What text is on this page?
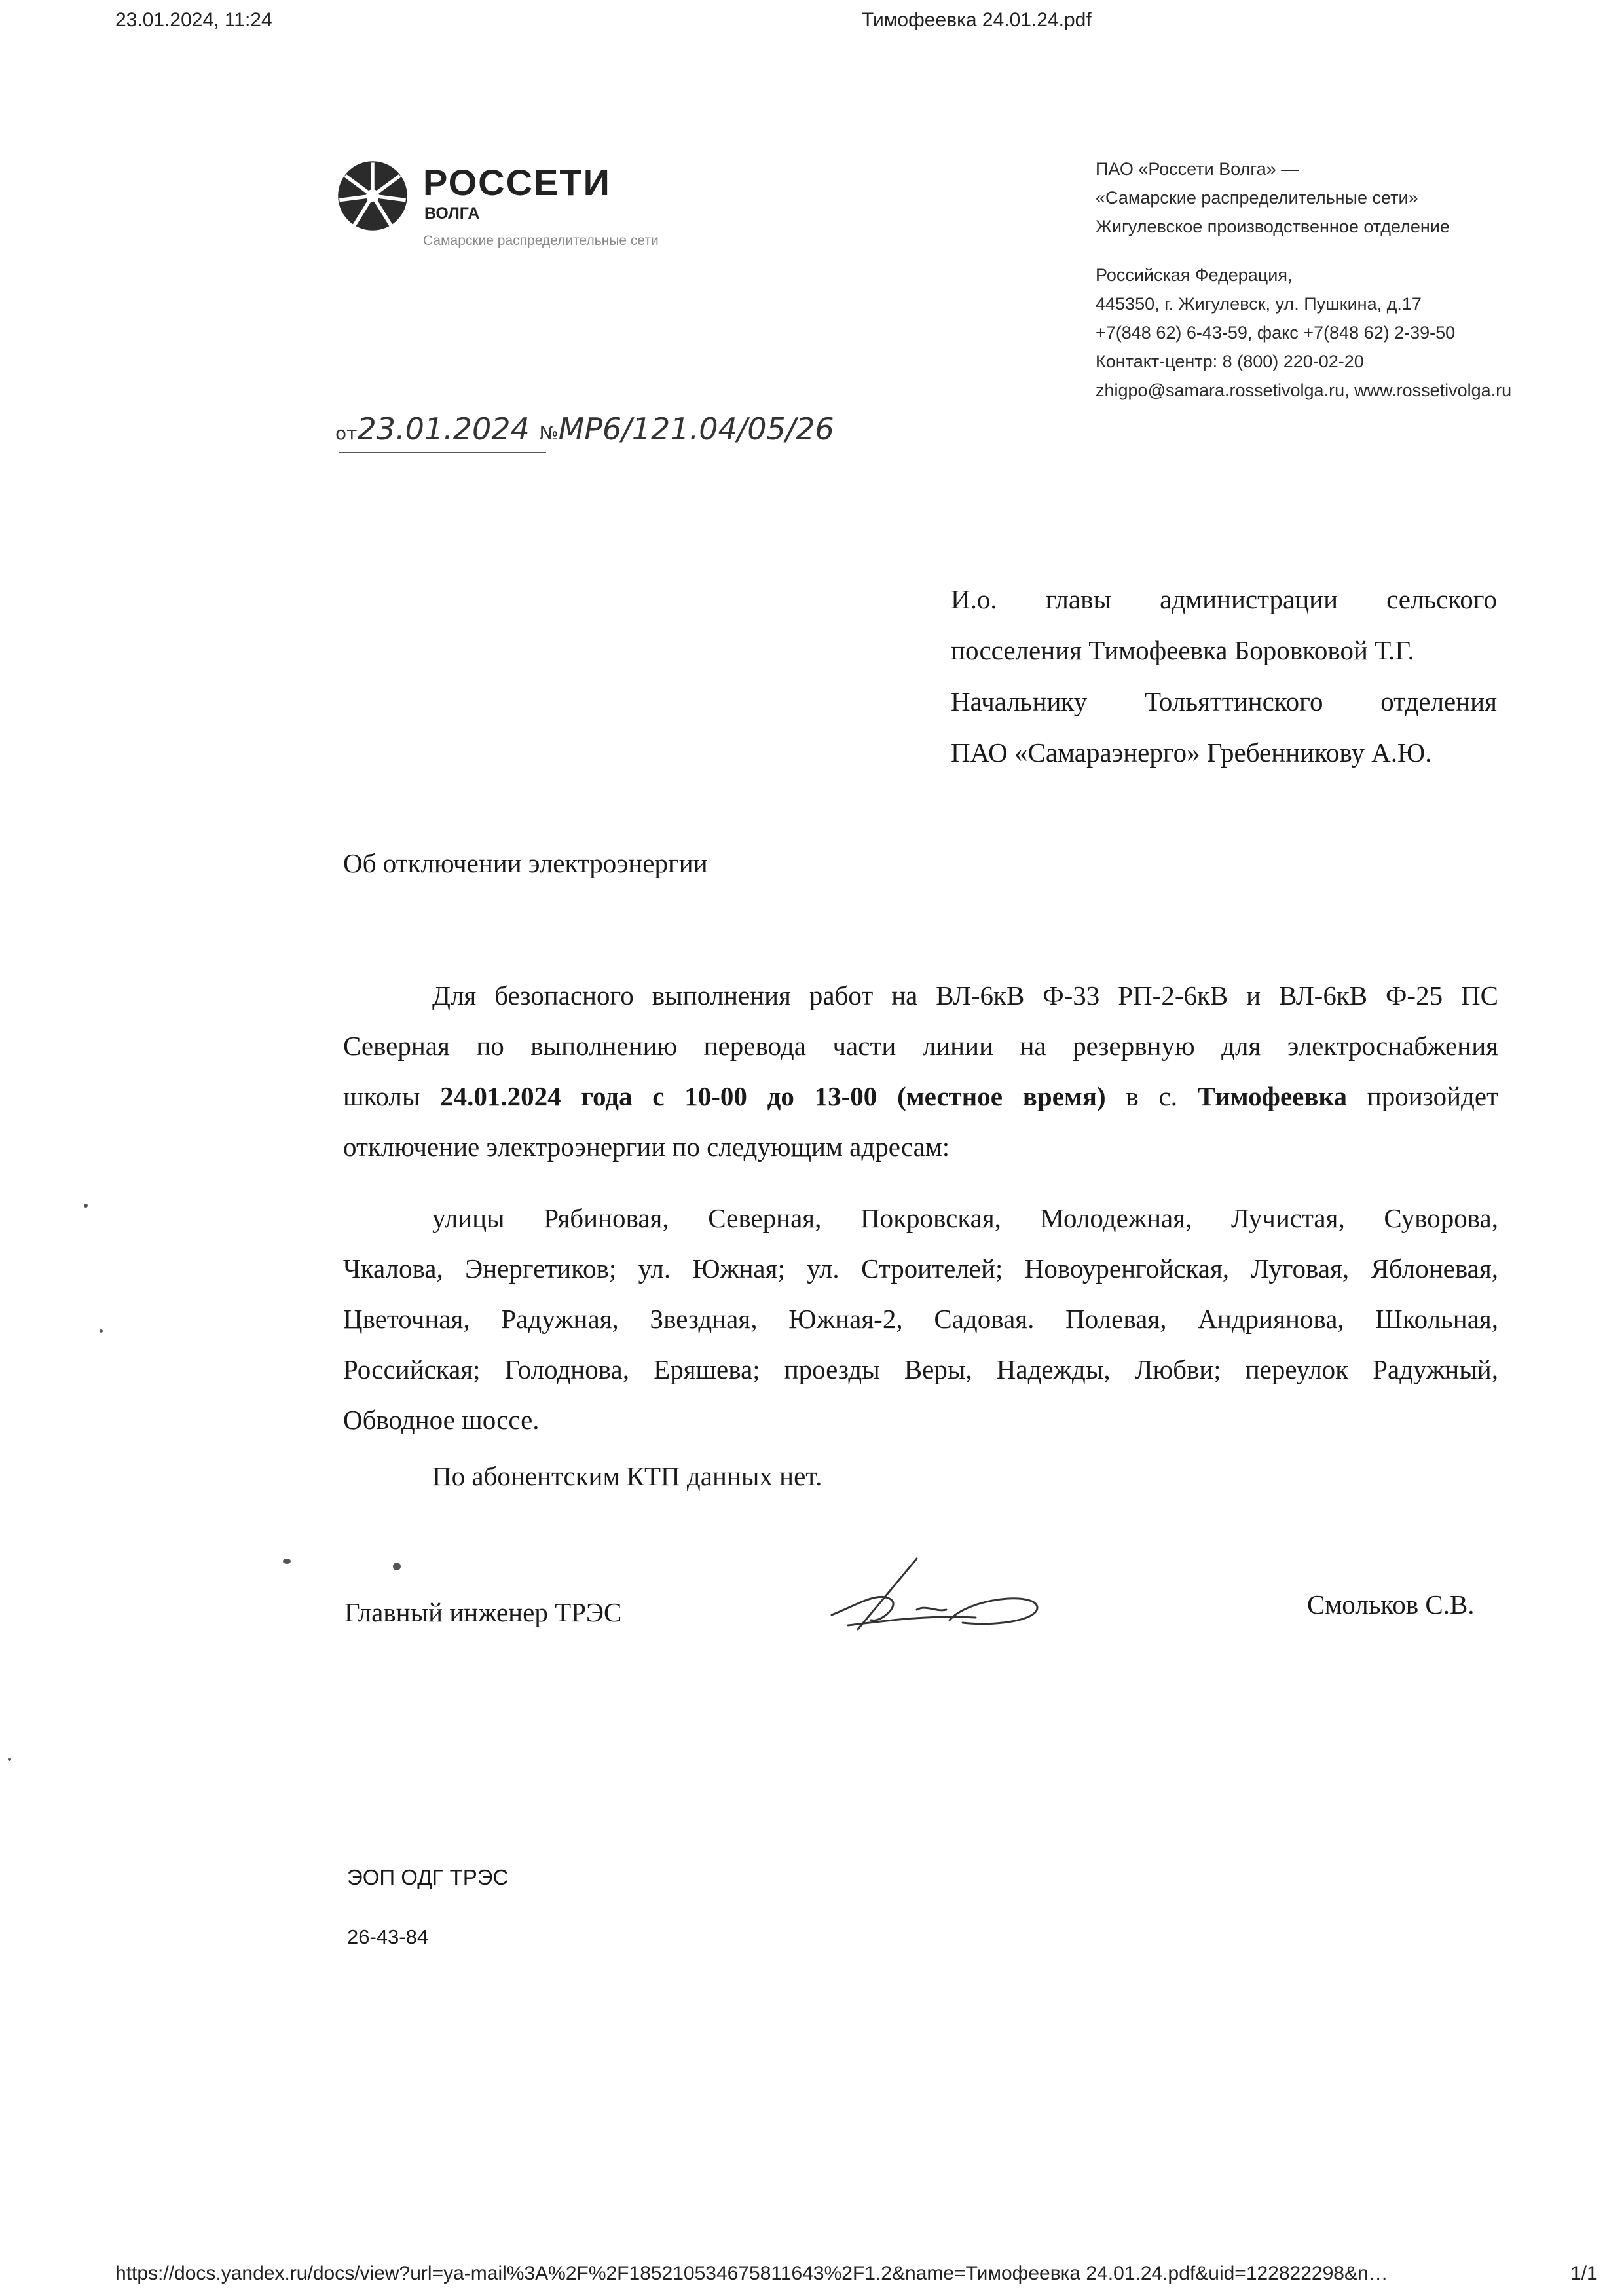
23.01.2024, 11:24	Тимофеевка 24.01.24.pdf
РОССЕТИ
ВОЛГА
Самарские распределительные сети
ПАО «Россети Волга» —
«Самарские распределительные сети»
Жигулевское производственное отделение
Российская Федерация,
445350, г. Жигулевск, ул. Пушкина, д.17
+7(848 62) 6-43-59, факс +7(848 62) 2-39-50
Контакт-центр: 8 (800) 220-02-20
zhigpo@samara.rossetivolga.ru, www.rossetivolga.ru
от23.01.2024 №МР6/121.04/05/26
И.о. главы администрации сельского
посселения Тимофеевка Боровковой Т.Г.
Начальнику Тольяттинского отделения
ПАО «Самараэнерго» Гребенникову А.Ю.
Об отключении электроэнергии
Для безопасного выполнения работ на ВЛ-6кВ Ф-33 РП-2-6кВ и ВЛ-6кВ Ф-25 ПС
Северная по выполнению перевода части линии на резервную для электроснабжения
школы 24.01.2024 года с 10-00 до 13-00 (местное время) в с. Тимофеевка произойдет
отключение электроэнергии по следующим адресам:
улицы Рябиновая, Северная, Покровская, Молодежная, Лучистая, Суворова,
Чкалова, Энергетиков; ул. Южная; ул. Строителей; Новоуренгойская, Луговая, Яблоневая,
Цветочная, Радужная, Звездная, Южная-2, Садовая. Полевая, Андриянова, Школьная,
Российская; Голоднова, Еряшева; проезды Веры, Надежды, Любви; переулок Радужный,
Обводное шоссе.
По абонентским КТП данных нет.
Главный инженер ТРЭС	Смольков С.В.
ЭОП ОДГ ТРЭС
26-43-84
https://docs.yandex.ru/docs/view?url=ya-mail%3A%2F%2F185210534675811643%2F1.2&name=Тимофеевка 24.01.24.pdf&uid=122822298&n…	1/1
